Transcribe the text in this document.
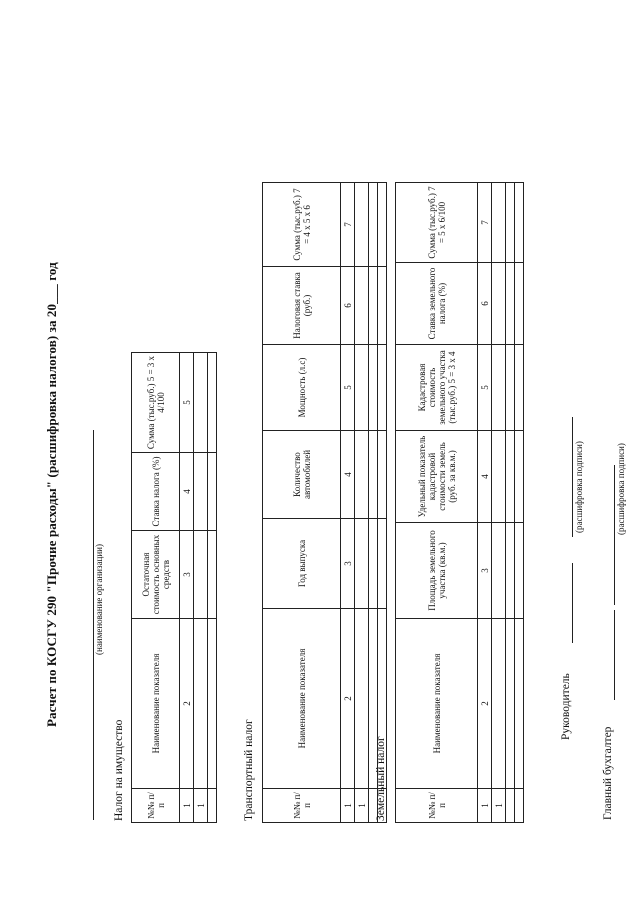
Расчет по КОСГУ 290 "Прочие расходы" (расшифровка налогов) за 20___ год	(наименование организации)
Налог на имущество №№ п/п	Наименование показателя	Остаточная стоимость основных средств	Ставка налога (%)	Сумма (тыс.руб.) 5 = 3 х 4/100
1	2	3	4	5
1				
					Транспортный налог	№№ п/п	Наименование показателя	Год выпуска	Количество автомобилей	Мощность (л.с)	Налоговая ставка (руб.)	Сумма (тыс.руб.) 7 = 4 х 5 х 6
1	2	3	4	5	6	7
1						

						Земельный налог	№№ п/п	Наименование показателя	Площадь земельного участка (кв.м.)	Удельный показатель кадастровой стоимости земель (руб. за кв.м.)	Кадастровая стоимость земельного участка (тыс.руб.) 5 = 3 х 4	Ставка земельного налога (%)	Сумма (тыс.руб.) 7 = 5 х 6/100
1	2	3	4	5	6	7
1						

Руководитель
(расшифровка подписи)
Главный бухгалтер
(расшифровка подписи)
